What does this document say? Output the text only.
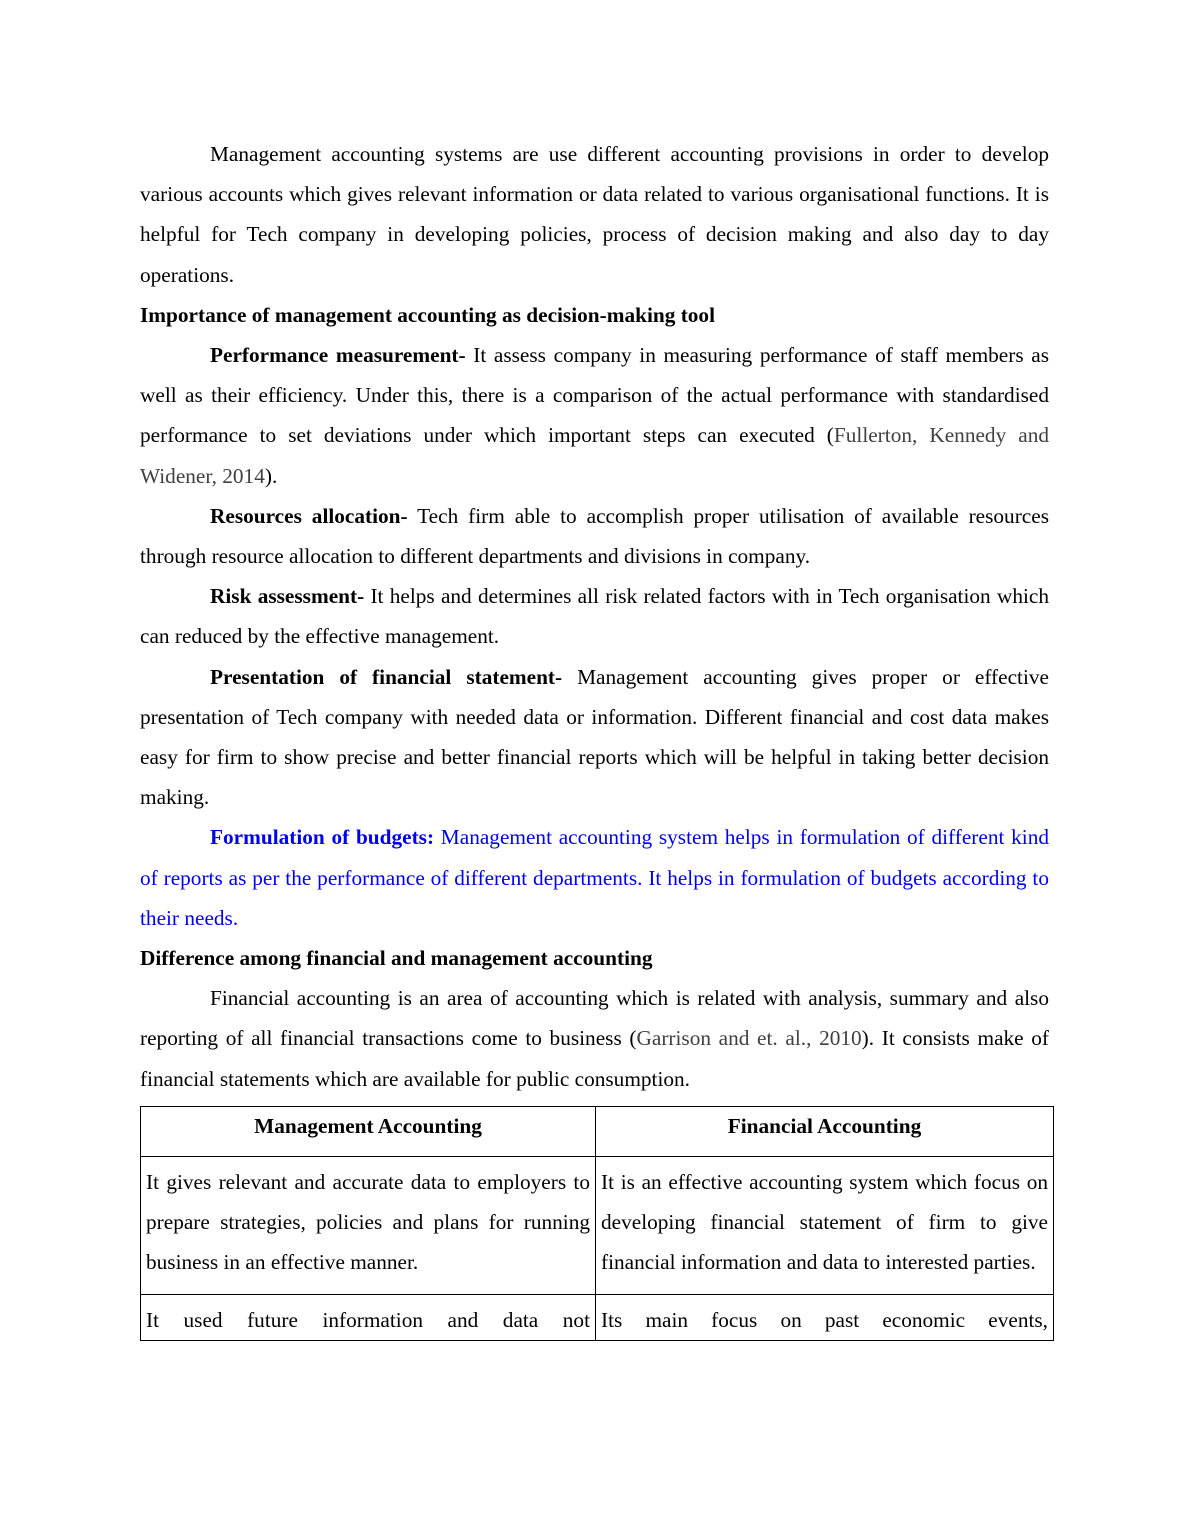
Management accounting systems are use different accounting provisions in order to develop various accounts which gives relevant information or data related to various organisational functions. It is helpful for Tech company in developing policies, process of decision making and also day to day operations.

Importance of management accounting as decision-making tool

Performance measurement- It assess company in measuring performance of staff members as well as their efficiency. Under this, there is a comparison of the actual performance with standardised performance to set deviations under which important steps can executed (Fullerton, Kennedy and Widener, 2014).

Resources allocation- Tech firm able to accomplish proper utilisation of available resources through resource allocation to different departments and divisions in company.

Risk assessment- It helps and determines all risk related factors with in Tech organisation which can reduced by the effective management.

Presentation of financial statement- Management accounting gives proper or effective presentation of Tech company with needed data or information. Different financial and cost data makes easy for firm to show precise and better financial reports which will be helpful in taking better decision making.

Formulation of budgets: Management accounting system helps in formulation of different kind of reports as per the performance of different departments. It helps in formulation of budgets according to their needs.

Difference among financial and management accounting

Financial accounting is an area of accounting which is related with analysis, summary and also reporting of all financial transactions come to business (Garrison and et. al., 2010). It consists make of financial statements which are available for public consumption.

Management Accounting	Financial Accounting
It gives relevant and accurate data to employers to prepare strategies, policies and plans for running business in an effective manner.	It is an effective accounting system which focus on developing financial statement of firm to give financial information and data to interested parties.
It used future information and data not	Its main focus on past economic events,
